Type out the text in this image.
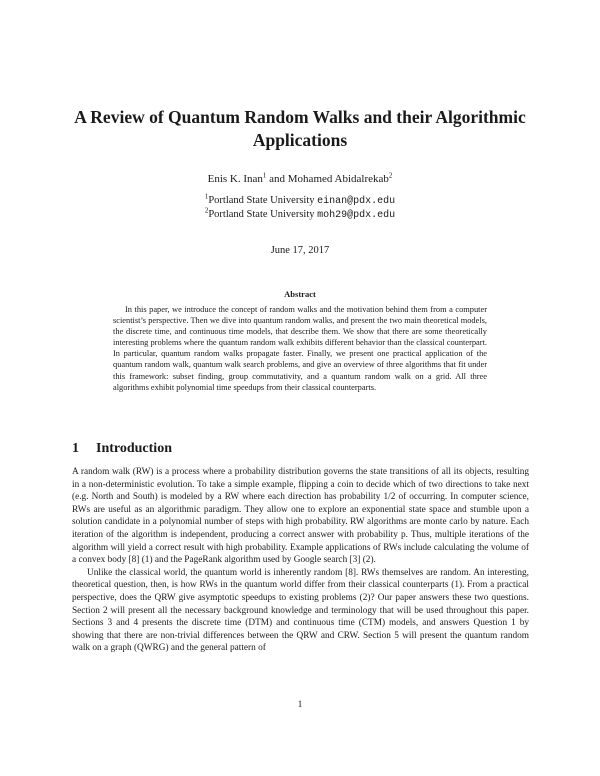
A Review of Quantum Random Walks and their Algorithmic Applications
Enis K. Inan$^1$ and Mohamed Abidalrekab$^2$
$^1$Portland State University einan@pdx.edu
$^2$Portland State University moh29@pdx.edu
June 17, 2017
Abstract

In this paper, we introduce the concept of random walks and the motivation behind them from a computer scientist’s perspective. Then we dive into quantum random walks, and present the two main theoretical models, the discrete time, and continuous time models, that describe them. We show that there are some theoretically interesting problems where the quantum random walk exhibits different behavior than the classical counterpart. In particular, quantum random walks propagate faster. Finally, we present one practical application of the quantum random walk, quantum walk search problems, and give an overview of three algorithms that fit under this framework: subset finding, group commutativity, and a quantum random walk on a grid. All three algorithms exhibit polynomial time speedups from their classical counterparts.

1 Introduction

A random walk (RW) is a process where a probability distribution governs the state transitions of all its objects, resulting in a non-deterministic evolution. To take a simple example, flipping a coin to decide which of two directions to take next (e.g. North and South) is modeled by a RW where each direction has probability 1/2 of occurring. In computer science, RWs are useful as an algorithmic paradigm. They allow one to explore an exponential state space and stumble upon a solution candidate in a polynomial number of steps with high probability. RW algorithms are monte carlo by nature. Each iteration of the algorithm is independent, producing a correct answer with probability p. Thus, multiple iterations of the algorithm will yield a correct result with high probability. Example applications of RWs include calculating the volume of a convex body [8] (1) and the PageRank algorithm used by Google search [3] (2).

Unlike the classical world, the quantum world is inherently random [8]. RWs themselves are random. An interesting, theoretical question, then, is how RWs in the quantum world differ from their classical counterparts (1). From a practical perspective, does the QRW give asymptotic speedups to existing problems (2)? Our paper answers these two questions. Section 2 will present all the necessary background knowledge and terminology that will be used throughout this paper. Sections 3 and 4 presents the discrete time (DTM) and continuous time (CTM) models, and answers Question 1 by showing that there are non-trivial differences between the QRW and CRW. Section 5 will present the quantum random walk on a graph (QWRG) and the general pattern of

1
